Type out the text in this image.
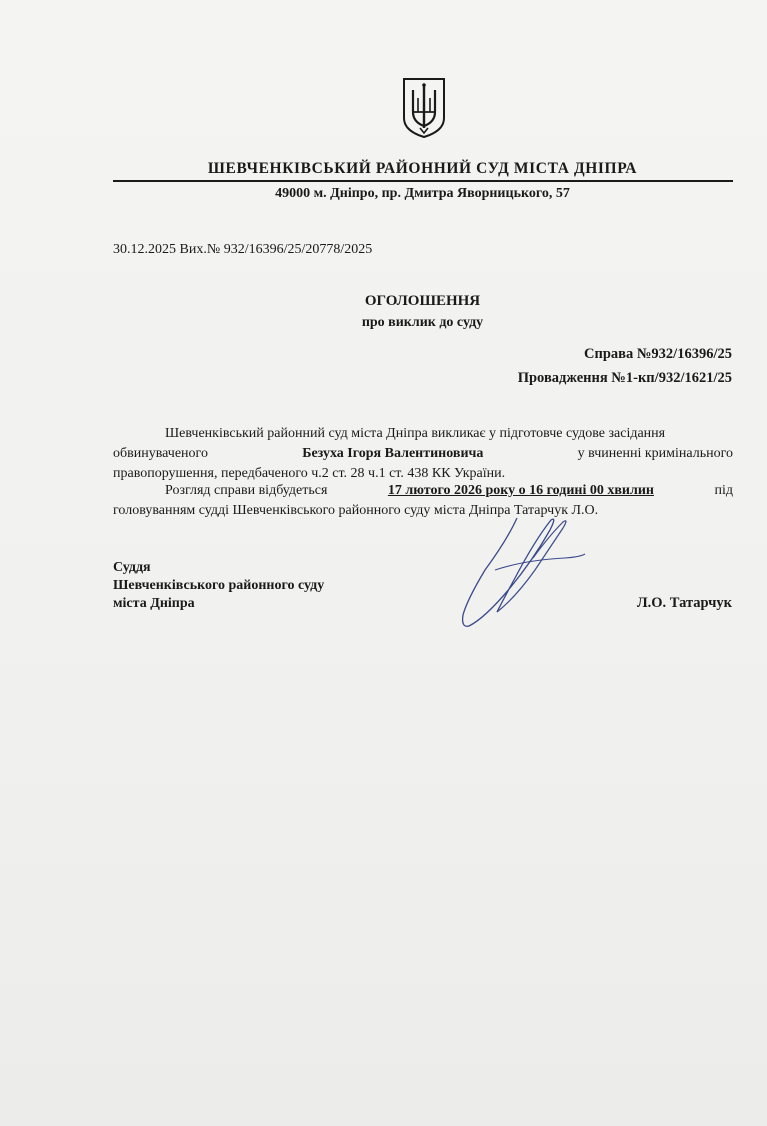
ШЕВЧЕНКІВСЬКИЙ РАЙОННИЙ СУД МІСТА ДНІПРА
49000 м. Дніпро, пр. Дмитра Яворницького, 57
30.12.2025 Вих.№ 932/16396/25/20778/2025
ОГОЛОШЕННЯ
про виклик до суду
Справа №932/16396/25
Провадження №1-кп/932/1621/25
Шевченківський районний суд міста Дніпра викликає у підготовче судове засідання
обвинуваченого	Безуха Ігоря Валентиновича	у вчиненні кримінального
правопорушення, передбаченого ч.2 ст. 28 ч.1 ст. 438 КК України.
Розгляд справи відбудеться	17 лютого 2026 року о 16 годині 00 хвилин	під
головуванням судді Шевченківського районного суду міста Дніпра Татарчук Л.О.
Суддя
Шевченківського районного суду
міста Дніпра	Л.О. Татарчук
